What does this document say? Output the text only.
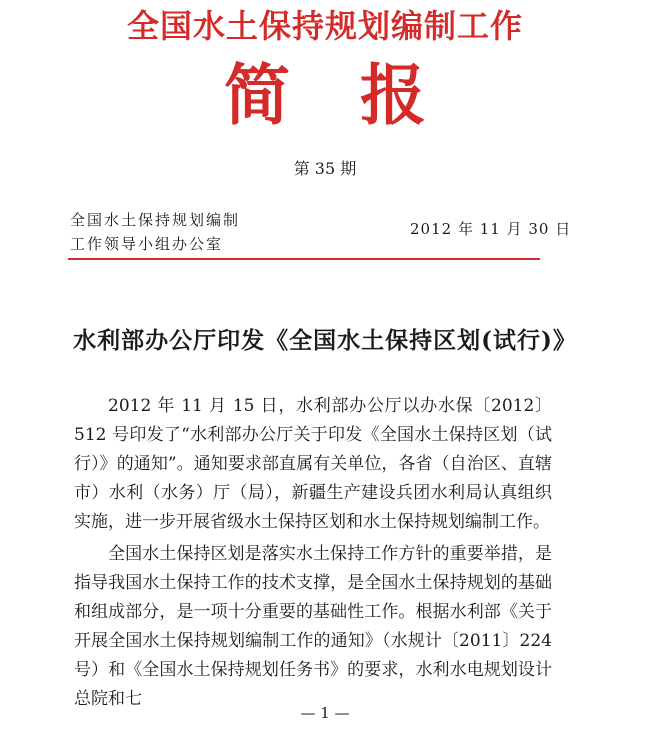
全国水土保持规划编制工作
简报
第 35 期
全国水土保持规划编制
工作领导小组办公室
2012 年 11 月 30 日
水利部办公厅印发《全国水土保持区划(试行)》

2012 年 11 月 15 日，水利部办公厅以办水保〔2012〕512 号印发了“水利部办公厅关于印发《全国水土保持区划（试行）》的通知”。通知要求部直属有关单位，各省（自治区、直辖市）水利（水务）厅（局），新疆生产建设兵团水利局认真组织实施，进一步开展省级水土保持区划和水土保持规划编制工作。

全国水土保持区划是落实水土保持工作方针的重要举措，是指导我国水土保持工作的技术支撑，是全国水土保持规划的基础和组成部分，是一项十分重要的基础性工作。根据水利部《关于开展全国水土保持规划编制工作的通知》（水规计〔2011〕224 号）和《全国水土保持规划任务书》的要求，水利水电规划设计总院和七

— 1 —
